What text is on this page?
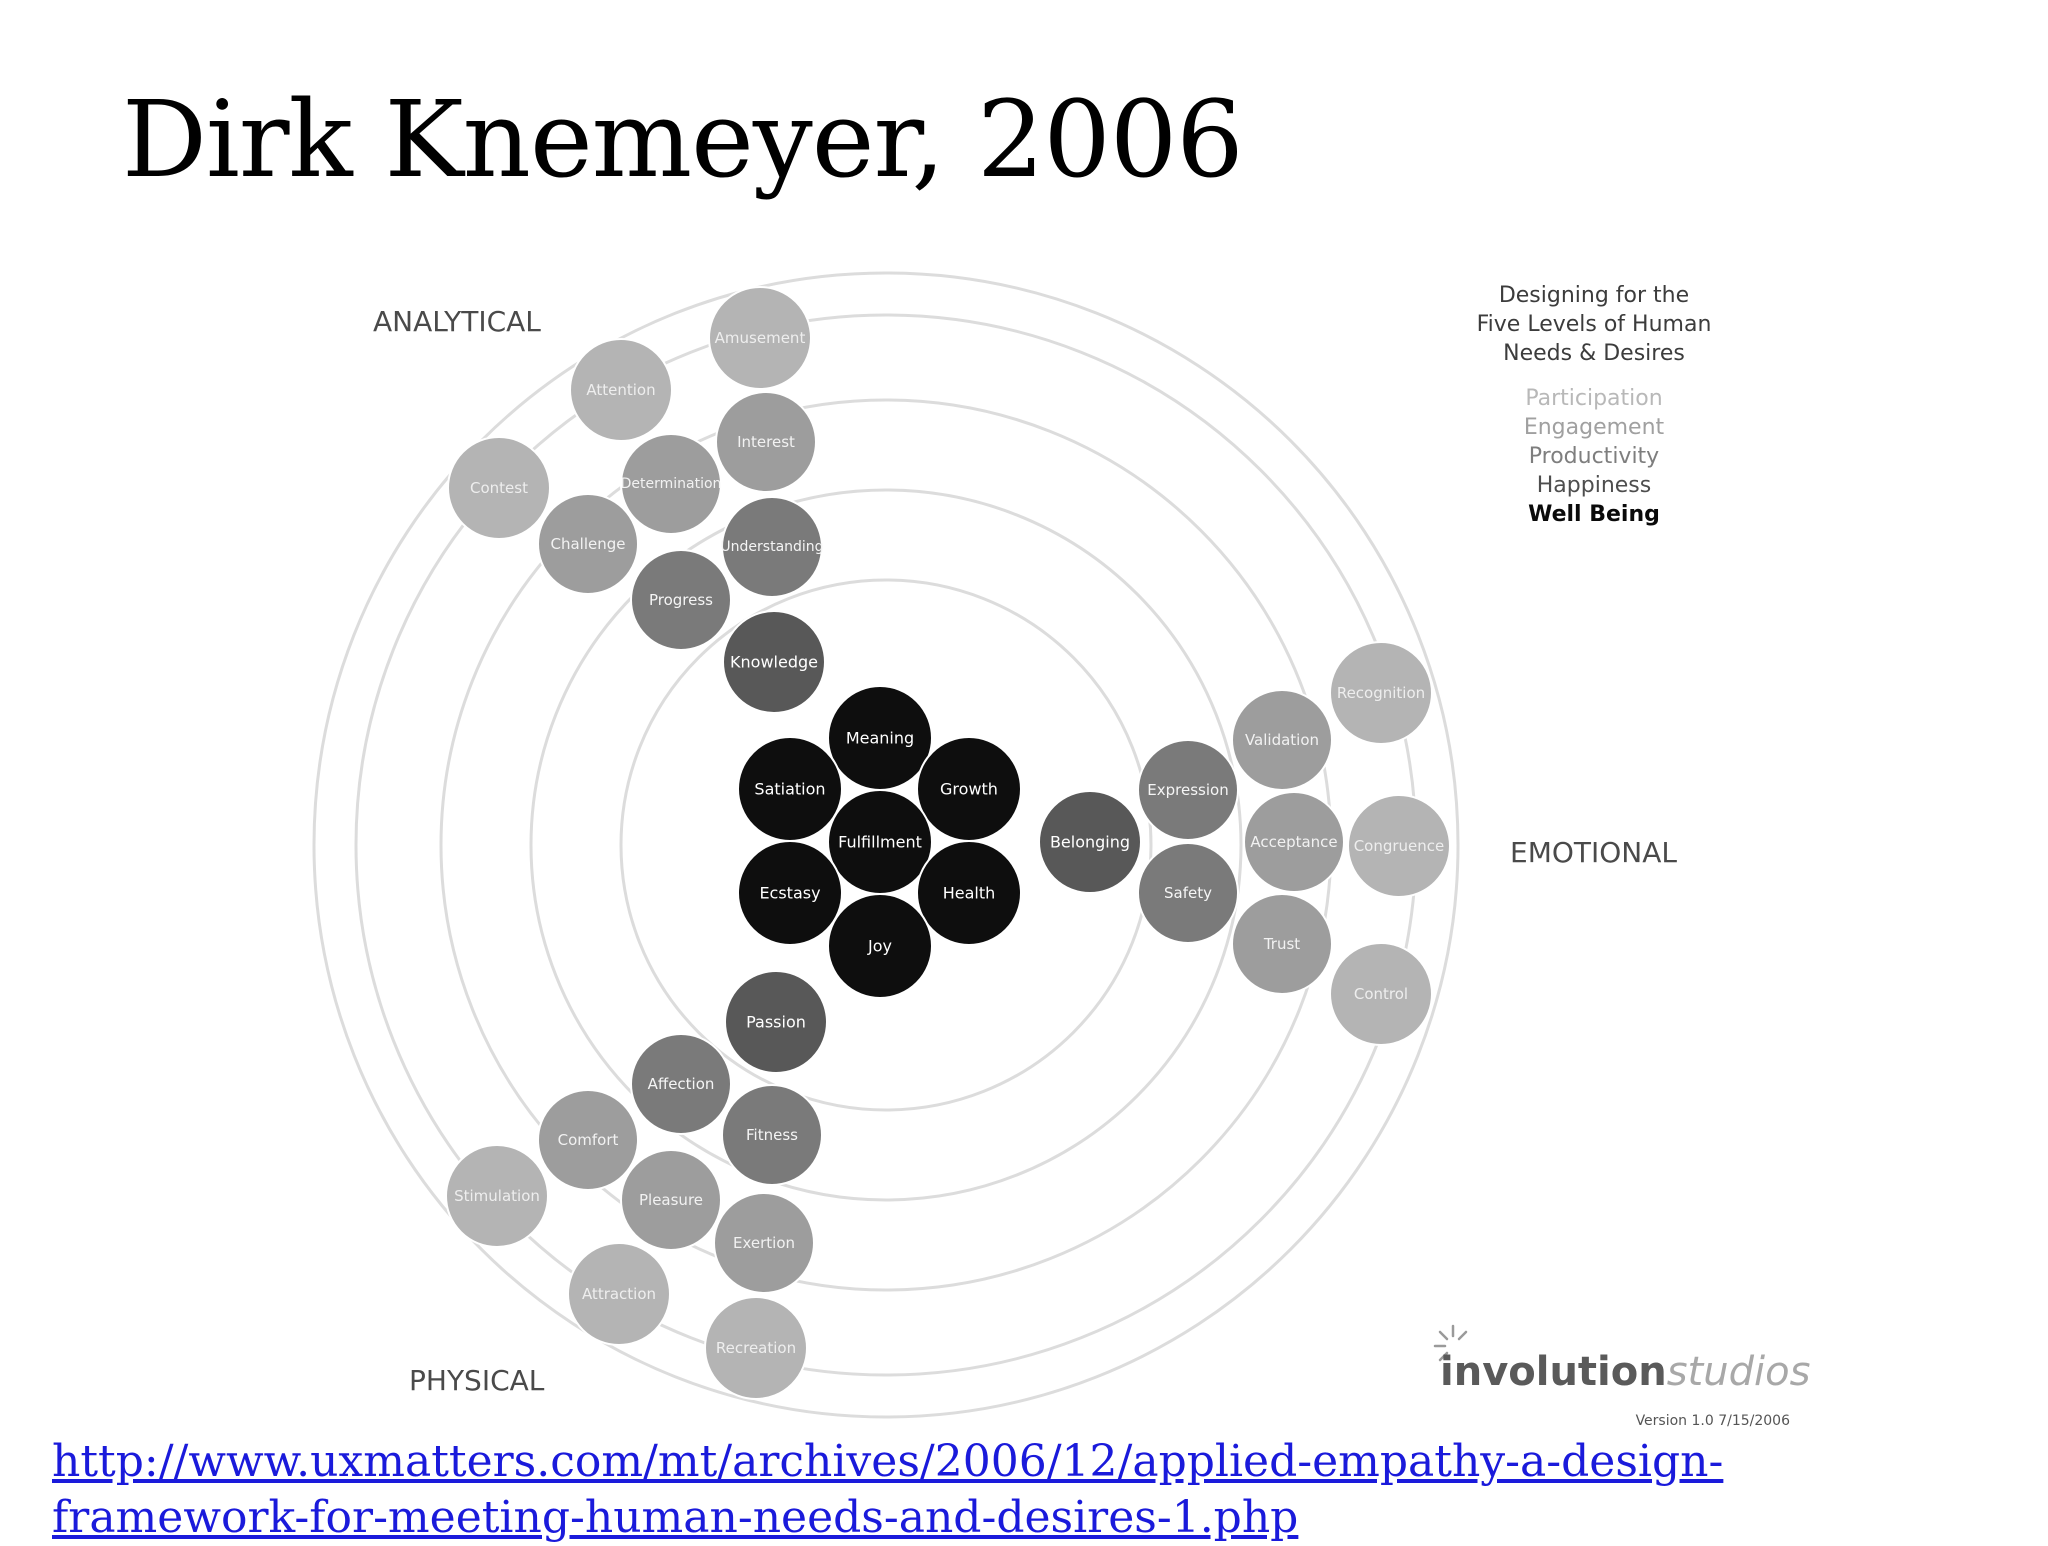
Dirk Knemeyer, 2006
ANALYTICAL
EMOTIONAL
PHYSICAL
Amusement
Attention
Contest
Interest
Determination
Challenge	Understanding
Progress
Knowledge
Meaning
Satiation	Growth
Fulfillment
Ecstasy	Health
Joy
Belonging
Expression
Safety
Validation
Acceptance
Trust
Recognition
Congruence
Control
Passion
Affection
Fitness
Comfort
Pleasure
Exertion
Stimulation
Attraction
Recreation
Designing for the
Five Levels of Human
Needs & Desires
Participation
Engagement
Productivity
Happiness
Well Being
involutionstudios
Version 1.0 7/15/2006
http://www.uxmatters.com/mt/archives/2006/12/applied-empathy-a-design-
framework-for-meeting-human-needs-and-desires-1.php
